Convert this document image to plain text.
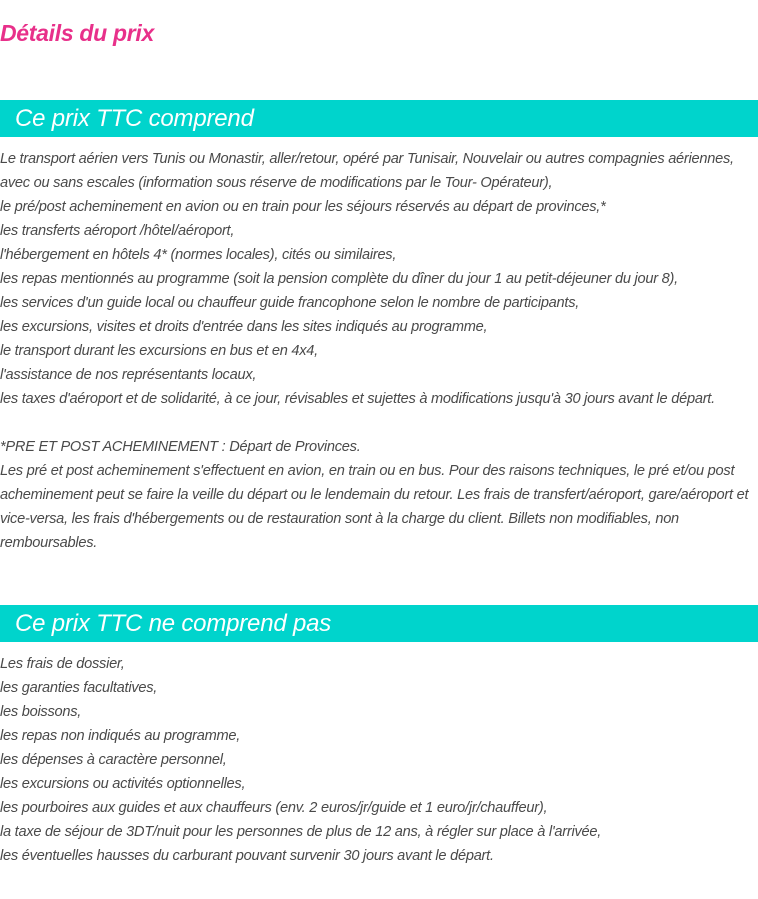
Détails du prix
Ce prix TTC comprend
Le transport aérien vers Tunis ou Monastir, aller/retour, opéré par Tunisair, Nouvelair ou autres compagnies aériennes,
avec ou sans escales (information sous réserve de modifications par le Tour- Opérateur),
le pré/post acheminement en avion ou en train pour les séjours réservés au départ de provinces,*
les transferts aéroport /hôtel/aéroport,
l'hébergement en hôtels 4* (normes locales), cités ou similaires,
les repas mentionnés au programme (soit la pension complète du dîner du jour 1 au petit-déjeuner du jour 8),
les services d'un guide local ou chauffeur guide francophone selon le nombre de participants,
les excursions, visites et droits d'entrée dans les sites indiqués au programme,
le transport durant les excursions en bus et en 4x4,
l'assistance de nos représentants locaux,
les taxes d'aéroport et de solidarité, à ce jour, révisables et sujettes à modifications jusqu'à 30 jours avant le départ.

*PRE ET POST ACHEMINEMENT : Départ de Provinces.

Les pré et post acheminement s'effectuent en avion, en train ou en bus. Pour des raisons techniques, le pré et/ou post acheminement peut se faire la veille du départ ou le lendemain du retour. Les frais de transfert/aéroport, gare/aéroport et vice-versa, les frais d'hébergements ou de restauration sont à la charge du client. Billets non modifiables, non remboursables.

Ce prix TTC ne comprend pas
Les frais de dossier,
les garanties facultatives,
les boissons,
les repas non indiqués au programme,
les dépenses à caractère personnel,
les excursions ou activités optionnelles,
les pourboires aux guides et aux chauffeurs (env. 2 euros/jr/guide et 1 euro/jr/chauffeur),
la taxe de séjour de 3DT/nuit pour les personnes de plus de 12 ans, à régler sur place à l'arrivée,
les éventuelles hausses du carburant pouvant survenir 30 jours avant le départ.
